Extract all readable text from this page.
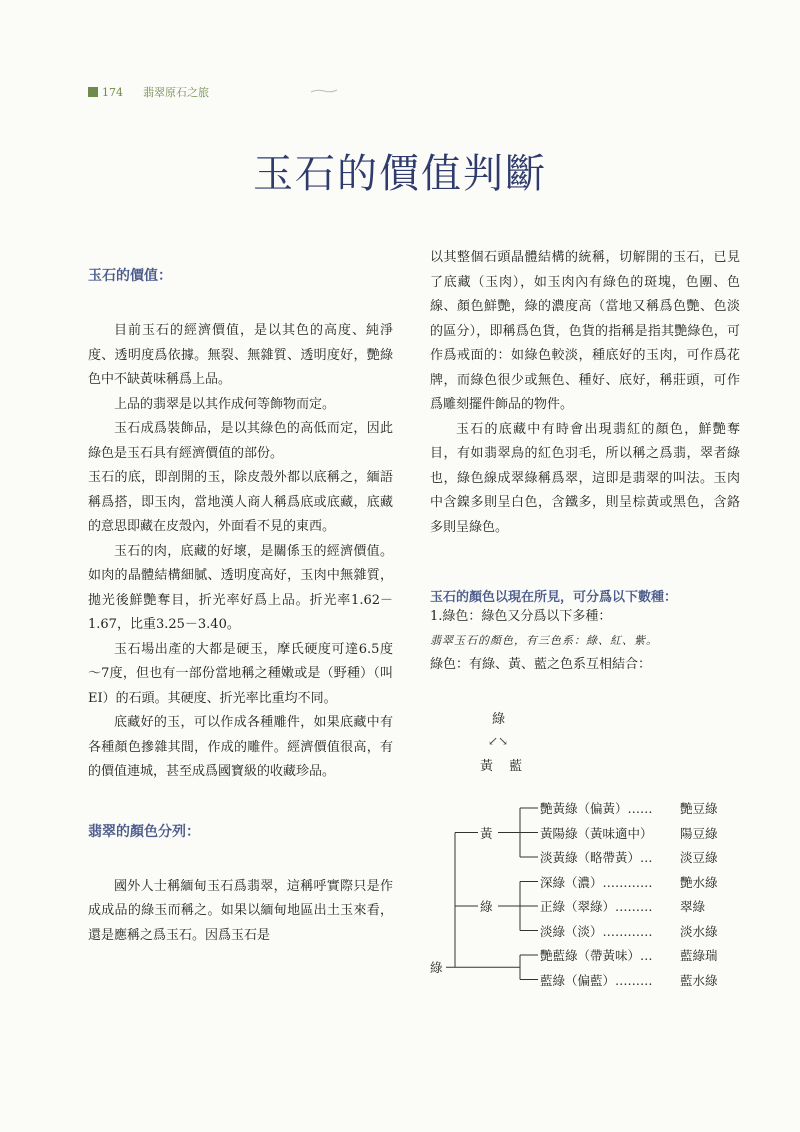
174 翡翠原石之旅
玉石的價值判斷
玉石的價值：

目前玉石的經濟價值，是以其色的高度、純淨度、透明度爲依據。無裂、無雜質、透明度好，艷綠色中不缺黃味稱爲上品。

上品的翡翠是以其作成何等飾物而定。

玉石成爲裝飾品，是以其綠色的高低而定，因此綠色是玉石具有經濟價值的部份。

玉石的底，即剖開的玉，除皮殼外都以底稱之，緬語稱爲搭，即玉肉，當地漢人商人稱爲底或底藏，底藏的意思即藏在皮殼內，外面看不見的東西。

玉石的肉，底藏的好壞，是關係玉的經濟價值。如肉的晶體結構細膩、透明度高好，玉肉中無雜質，拋光後鮮艷奪目，折光率好爲上品。折光率1.62－1.67，比重3.25－3.40。

玉石場出產的大都是硬玉，摩氏硬度可達6.5度～7度，但也有一部份當地稱之種嫩或是（野種）（叫EI）的石頭。其硬度、折光率比重均不同。

底藏好的玉，可以作成各種雕件，如果底藏中有各種顏色摻雜其間，作成的雕件。經濟價值很高，有的價值連城，甚至成爲國寶級的收藏珍品。

翡翠的顏色分列：

國外人士稱緬甸玉石爲翡翠，這稱呼實際只是作成成品的綠玉而稱之。如果以緬甸地區出土玉來看，還是應稱之爲玉石。因爲玉石是

以其整個石頭晶體結構的統稱，切解開的玉石，已見了底藏（玉肉），如玉肉內有綠色的斑塊，色團、色線、顏色鮮艷，綠的濃度高（當地又稱爲色艷、色淡的區分），即稱爲色貨，色貨的指稱是指其艷綠色，可作爲戒面的：如綠色較淡，種底好的玉肉，可作爲花牌，而綠色很少或無色、種好、底好，稱莊頭，可作爲雕刻擺件飾品的物件。

玉石的底藏中有時會出現翡紅的顏色，鮮艷奪目，有如翡翠鳥的紅色羽毛，所以稱之爲翡，翠者綠也，綠色線成翠綠稱爲翠，這即是翡翠的叫法。玉肉中含鎳多則呈白色，含鐵多，則呈棕黃或黑色，含鉻多則呈綠色。

玉石的顏色以現在所見，可分爲以下數種：

1.綠色：綠色又分爲以下多種：

翡翠玉石的顏色，有三色系：綠、紅、紫。

綠色：有綠、黃、藍之色系互相結合：

綠
↙↘
黃 藍
艷黃綠（偏黃）…… 艷豆綠
黃陽綠（黃味適中） 陽豆綠
淡黃綠（略帶黃）… 淡豆綠
黃
深綠（濃）………… 艷水綠
正綠（翠綠）……… 翠綠
淡綠（淡）………… 淡水綠
綠
艷藍綠（帶黃味）… 藍綠瑞
藍綠（偏藍）……… 藍水綠
綠
